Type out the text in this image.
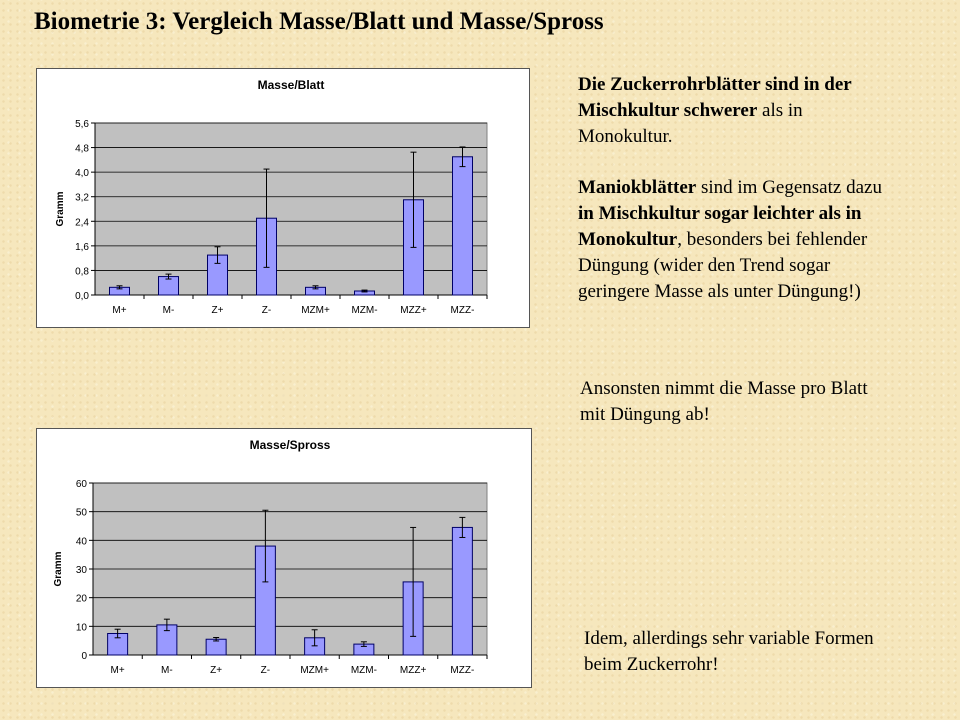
Biometrie 3: Vergleich Masse/Blatt und Masse/Spross
Masse/Blatt
0,0
0,8
1,6
2,4
3,2
4,0
4,8
5,6
Gramm
M+	M-	Z+	Z-	MZM+ MZM- MZZ+ MZZ-
Masse/Spross
0
10
20
30
40
50
60
Gramm
M+	M-	Z+	Z-	MZM+ MZM- MZZ+ MZZ-
Die Zuckerrohrblätter sind in der Mischkultur schwerer als in Monokultur.
Maniokblätter sind im Gegensatz dazu in Mischkultur sogar leichter als in Monokultur, besonders bei fehlender Düngung (wider den Trend sogar geringere Masse als unter Düngung!)
Ansonsten nimmt die Masse pro Blatt mit Düngung ab!
Idem, allerdings sehr variable Formen beim Zuckerrohr!
